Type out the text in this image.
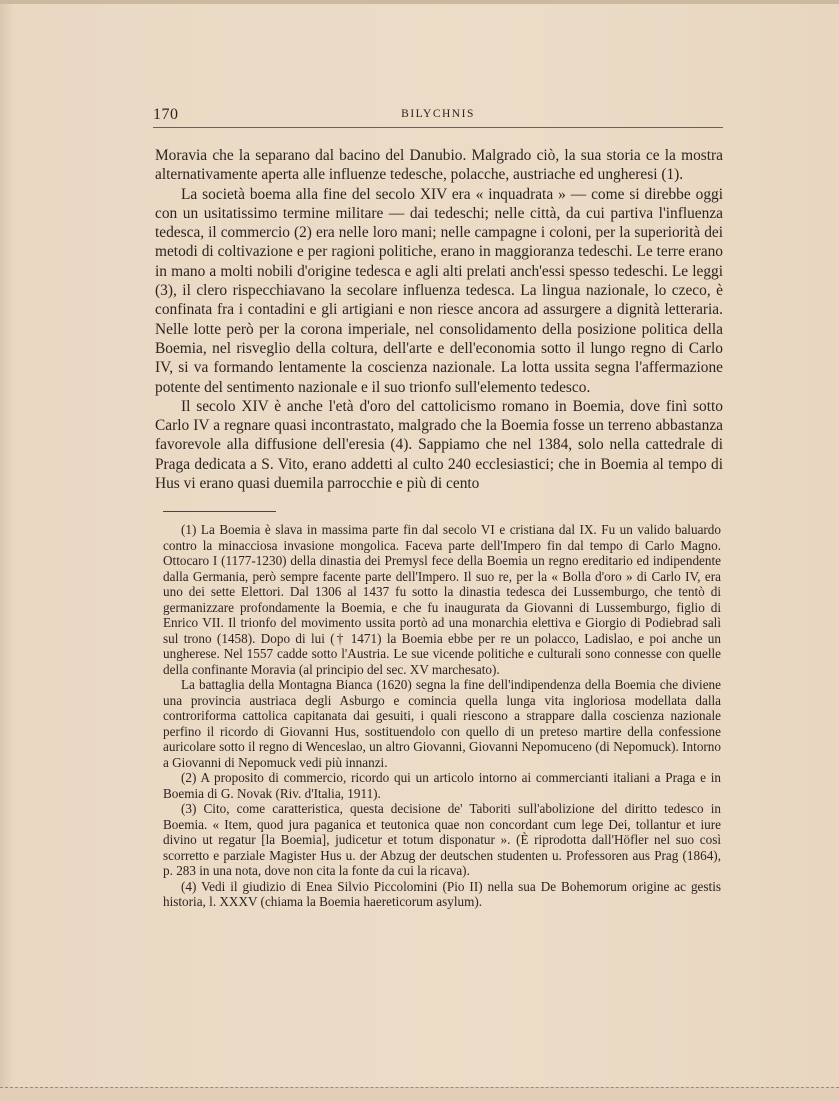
170	BILYCHNIS

Moravia che la separano dal bacino del Danubio. Malgrado ciò, la sua storia ce la mostra alternativamente aperta alle influenze tedesche, polacche, austriache ed ungheresi (1).

La società boema alla fine del secolo XIV era « inquadrata » — come si direbbe oggi con un usitatissimo termine militare — dai tedeschi; nelle città, da cui partiva l'influenza tedesca, il commercio (2) era nelle loro mani; nelle campagne i coloni, per la superiorità dei metodi di coltivazione e per ragioni politiche, erano in maggioranza tedeschi. Le terre erano in mano a molti nobili d'origine tedesca e agli alti prelati anch'essi spesso tedeschi. Le leggi (3), il clero rispecchiavano la secolare influenza tedesca. La lingua nazionale, lo czeco, è confinata fra i contadini e gli artigiani e non riesce ancora ad assurgere a dignità letteraria. Nelle lotte però per la corona imperiale, nel consolidamento della posizione politica della Boemia, nel risveglio della coltura, dell'arte e dell'economia sotto il lungo regno di Carlo IV, si va formando lentamente la coscienza nazionale. La lotta ussita segna l'affermazione potente del sentimento nazionale e il suo trionfo sull'elemento tedesco.

Il secolo XIV è anche l'età d'oro del cattolicismo romano in Boemia, dove finì sotto Carlo IV a regnare quasi incontrastato, malgrado che la Boemia fosse un terreno abbastanza favorevole alla diffusione dell'eresia (4). Sappiamo che nel 1384, solo nella cattedrale di Praga dedicata a S. Vito, erano addetti al culto 240 ecclesiastici; che in Boemia al tempo di Hus vi erano quasi duemila parrocchie e più di cento

(1) La Boemia è slava in massima parte fin dal secolo VI e cristiana dal IX. Fu un valido baluardo contro la minacciosa invasione mongolica. Faceva parte dell'Impero fin dal tempo di Carlo Magno. Ottocaro I (1177-1230) della dinastia dei Premysl fece della Boemia un regno ereditario ed indipendente dalla Germania, però sempre facente parte dell'Impero. Il suo re, per la « Bolla d'oro » di Carlo IV, era uno dei sette Elettori. Dal 1306 al 1437 fu sotto la dinastia tedesca dei Lussemburgo, che tentò di germanizzare profondamente la Boemia, e che fu inaugurata da Giovanni di Lussemburgo, figlio di Enrico VII. Il trionfo del movimento ussita portò ad una monarchia elettiva e Giorgio di Podiebrad salì sul trono (1458). Dopo di lui († 1471) la Boemia ebbe per re un polacco, Ladislao, e poi anche un ungherese. Nel 1557 cadde sotto l'Austria. Le sue vicende politiche e culturali sono connesse con quelle della confinante Moravia (al principio del sec. XV marchesato).

La battaglia della Montagna Bianca (1620) segna la fine dell'indipendenza della Boemia che diviene una provincia austriaca degli Asburgo e comincia quella lunga vita ingloriosa modellata dalla controriforma cattolica capitanata dai gesuiti, i quali riescono a strappare dalla coscienza nazionale perfino il ricordo di Giovanni Hus, sostituendolo con quello di un preteso martire della confessione auricolare sotto il regno di Wenceslao, un altro Giovanni, Giovanni Nepomuceno (di Nepomuck). Intorno a Giovanni di Nepomuck vedi più innanzi.

(2) A proposito di commercio, ricordo qui un articolo intorno ai commercianti italiani a Praga e in Boemia di G. Novak (Riv. d'Italia, 1911).

(3) Cito, come caratteristica, questa decisione de' Taboriti sull'abolizione del diritto tedesco in Boemia. « Item, quod jura paganica et teutonica quae non concordant cum lege Dei, tollantur et iure divino ut regatur [la Boemia], judicetur et totum disponatur ». (È riprodotta dall'Höfler nel suo così scorretto e parziale Magister Hus u. der Abzug der deutschen studenten u. Professoren aus Prag (1864), p. 283 in una nota, dove non cita la fonte da cui la ricava).

(4) Vedi il giudizio di Enea Silvio Piccolomini (Pio II) nella sua De Bohemorum origine ac gestis historia, l. XXXV (chiama la Boemia haereticorum asylum).
